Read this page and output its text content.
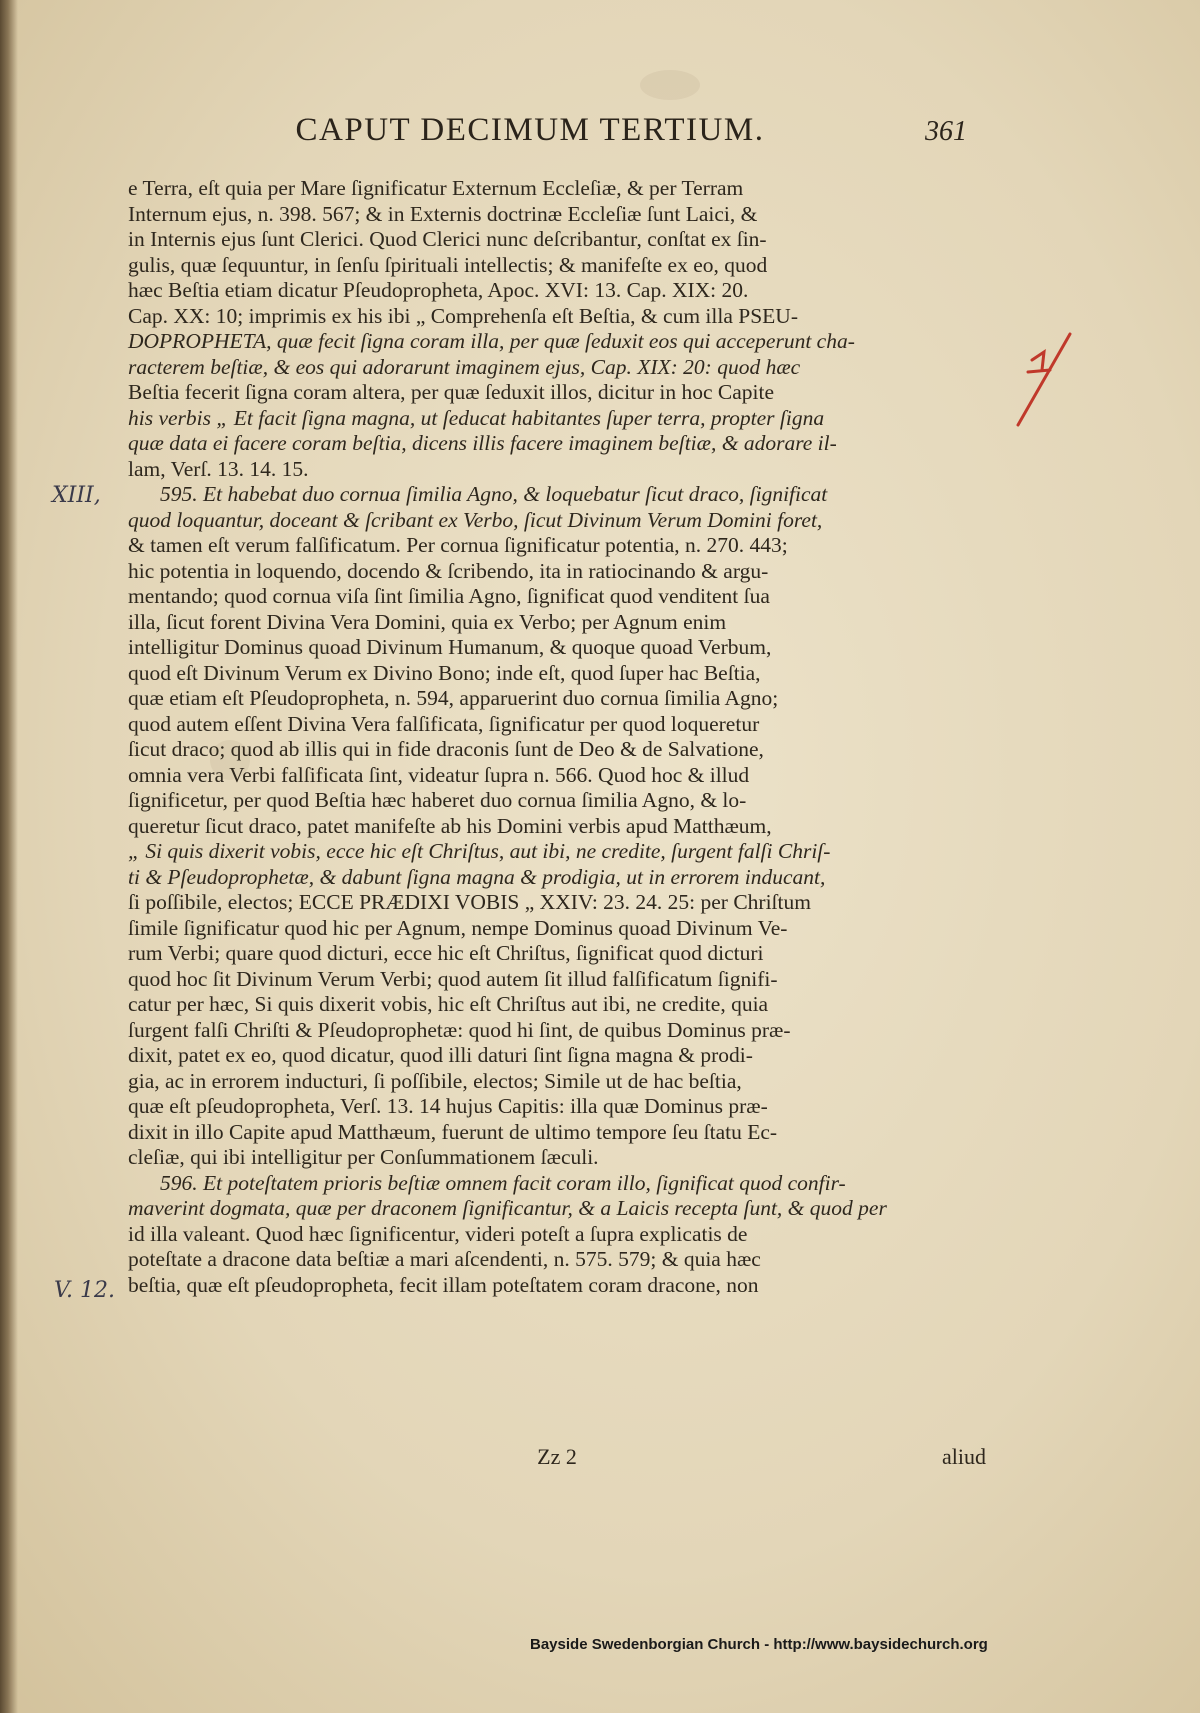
CAPUT DECIMUM TERTIUM.	361

e Terra, eſt quia per Mare ſignificatur Externum Eccleſiæ, & per Terram

Internum ejus, n. 398. 567; & in Externis doctrinæ Eccleſiæ ſunt Laici, &

in Internis ejus ſunt Clerici. Quod Clerici nunc deſcribantur, conſtat ex ſin-

gulis, quæ ſequuntur, in ſenſu ſpirituali intellectis; & manifeſte ex eo, quod

hæc Beſtia etiam dicatur Pſeudopropheta, Apoc. XVI: 13. Cap. XIX: 20.

Cap. XX: 10; imprimis ex his ibi „ Comprehenſa eſt Beſtia, & cum illa PSEU-

DOPROPHETA, quæ fecit ſigna coram illa, per quæ ſeduxit eos qui acceperunt cha-

racterem beſtiæ, & eos qui adorarunt imaginem ejus, Cap. XIX: 20: quod hæc

Beſtia fecerit ſigna coram altera, per quæ ſeduxit illos, dicitur in hoc Capite

his verbis „ Et facit ſigna magna, ut ſeducat habitantes ſuper terra, propter ſigna

quæ data ei facere coram beſtia, dicens illis facere imaginem beſtiæ, & adorare il-

lam, Verſ. 13. 14. 15.

595. Et habebat duo cornua ſimilia Agno, & loquebatur ſicut draco, ſignificat

quod loquantur, doceant & ſcribant ex Verbo, ſicut Divinum Verum Domini foret,

& tamen eſt verum falſificatum. Per cornua ſignificatur potentia, n. 270. 443;

hic potentia in loquendo, docendo & ſcribendo, ita in ratiocinando & argu-

mentando; quod cornua viſa ſint ſimilia Agno, ſignificat quod venditent ſua

illa, ſicut forent Divina Vera Domini, quia ex Verbo; per Agnum enim

intelligitur Dominus quoad Divinum Humanum, & quoque quoad Verbum,

quod eſt Divinum Verum ex Divino Bono; inde eſt, quod ſuper hac Beſtia,

quæ etiam eſt Pſeudopropheta, n. 594, apparuerint duo cornua ſimilia Agno;

quod autem eſſent Divina Vera falſificata, ſignificatur per quod loqueretur

ſicut draco; quod ab illis qui in fide draconis ſunt de Deo & de Salvatione,

omnia vera Verbi falſificata ſint, videatur ſupra n. 566. Quod hoc & illud

ſignificetur, per quod Beſtia hæc haberet duo cornua ſimilia Agno, & lo-

queretur ſicut draco, patet manifeſte ab his Domini verbis apud Matthæum,

„ Si quis dixerit vobis, ecce hic eſt Chriſtus, aut ibi, ne credite, ſurgent falſi Chriſ-

ti & Pſeudoprophetæ, & dabunt ſigna magna & prodigia, ut in errorem inducant,

ſi poſſibile, electos; ECCE PRÆDIXI VOBIS „ XXIV: 23. 24. 25: per Chriſtum

ſimile ſignificatur quod hic per Agnum, nempe Dominus quoad Divinum Ve-

rum Verbi; quare quod dicturi, ecce hic eſt Chriſtus, ſignificat quod dicturi

quod hoc ſit Divinum Verum Verbi; quod autem ſit illud falſificatum ſignifi-

catur per hæc, Si quis dixerit vobis, hic eſt Chriſtus aut ibi, ne credite, quia

ſurgent falſi Chriſti & Pſeudoprophetæ: quod hi ſint, de quibus Dominus præ-

dixit, patet ex eo, quod dicatur, quod illi daturi ſint ſigna magna & prodi-

gia, ac in errorem inducturi, ſi poſſibile, electos; Simile ut de hac beſtia,

quæ eſt pſeudopropheta, Verſ. 13. 14 hujus Capitis: illa quæ Dominus præ-

dixit in illo Capite apud Matthæum, fuerunt de ultimo tempore ſeu ſtatu Ec-

cleſiæ, qui ibi intelligitur per Conſummationem ſæculi.

596. Et poteſtatem prioris beſtiæ omnem facit coram illo, ſignificat quod confir-

maverint dogmata, quæ per draconem ſignificantur, & a Laicis recepta ſunt, & quod per

id illa valeant. Quod hæc ſignificentur, videri poteſt a ſupra explicatis de

poteſtate a dracone data beſtiæ a mari aſcendenti, n. 575. 579; & quia hæc

beſtia, quæ eſt pſeudopropheta, fecit illam poteſtatem coram dracone, non

Zz 2	aliud
XIII,
V. 12.
Bayside Swedenborgian Church - http://www.baysidechurch.org
